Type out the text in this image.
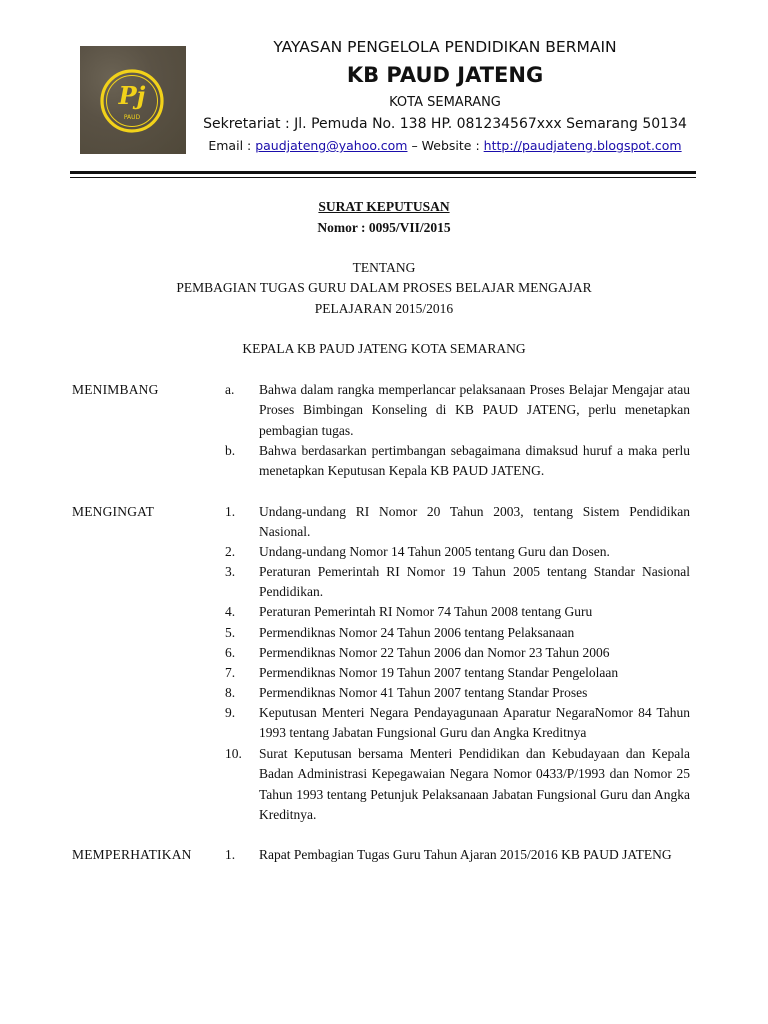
Pj
PAUD
YAYASAN PENGELOLA PENDIDIKAN BERMAIN
KB PAUD JATENG
KOTA SEMARANG
Sekretariat : Jl. Pemuda No. 138 HP. 081234567xxx Semarang 50134
Email : paudjateng@yahoo.com – Website : http://paudjateng.blogspot.com
SURAT KEPUTUSAN
Nomor : 0095/VII/2015
TENTANG
PEMBAGIAN TUGAS GURU DALAM PROSES BELAJAR MENGAJAR
PELAJARAN 2015/2016
KEPALA KB PAUD JATENG KOTA SEMARANG
MENIMBANG	a. Bahwa dalam rangka memperlancar pelaksanaan Proses Belajar Mengajar atau Proses Bimbingan Konseling di KB PAUD JATENG, perlu menetapkan pembagian tugas.
b. Bahwa berdasarkan pertimbangan sebagaimana dimaksud huruf a maka perlu menetapkan Keputusan Kepala KB PAUD JATENG.
MENGINGAT	1. Undang-undang RI Nomor 20 Tahun 2003, tentang Sistem Pendidikan Nasional.
2. Undang-undang Nomor 14 Tahun 2005 tentang Guru dan Dosen.
3. Peraturan Pemerintah RI Nomor 19 Tahun 2005 tentang Standar Nasional Pendidikan.
4. Peraturan Pemerintah RI Nomor 74 Tahun 2008 tentang Guru
5. Permendiknas Nomor 24 Tahun 2006 tentang Pelaksanaan
6. Permendiknas Nomor 22 Tahun 2006 dan Nomor 23 Tahun 2006
7. Permendiknas Nomor 19 Tahun 2007 tentang Standar Pengelolaan
8. Permendiknas Nomor 41 Tahun 2007 tentang Standar Proses
9. Keputusan Menteri Negara Pendayagunaan Aparatur NegaraNomor 84 Tahun 1993 tentang Jabatan Fungsional Guru dan Angka Kreditnya
10. Surat Keputusan bersama Menteri Pendidikan dan Kebudayaan dan Kepala Badan Administrasi Kepegawaian Negara Nomor 0433/P/1993 dan Nomor 25 Tahun 1993 tentang Petunjuk Pelaksanaan Jabatan Fungsional Guru dan Angka Kreditnya.
MEMPERHATIKAN 1. Rapat Pembagian Tugas Guru Tahun Ajaran 2015/2016 KB PAUD JATENG
